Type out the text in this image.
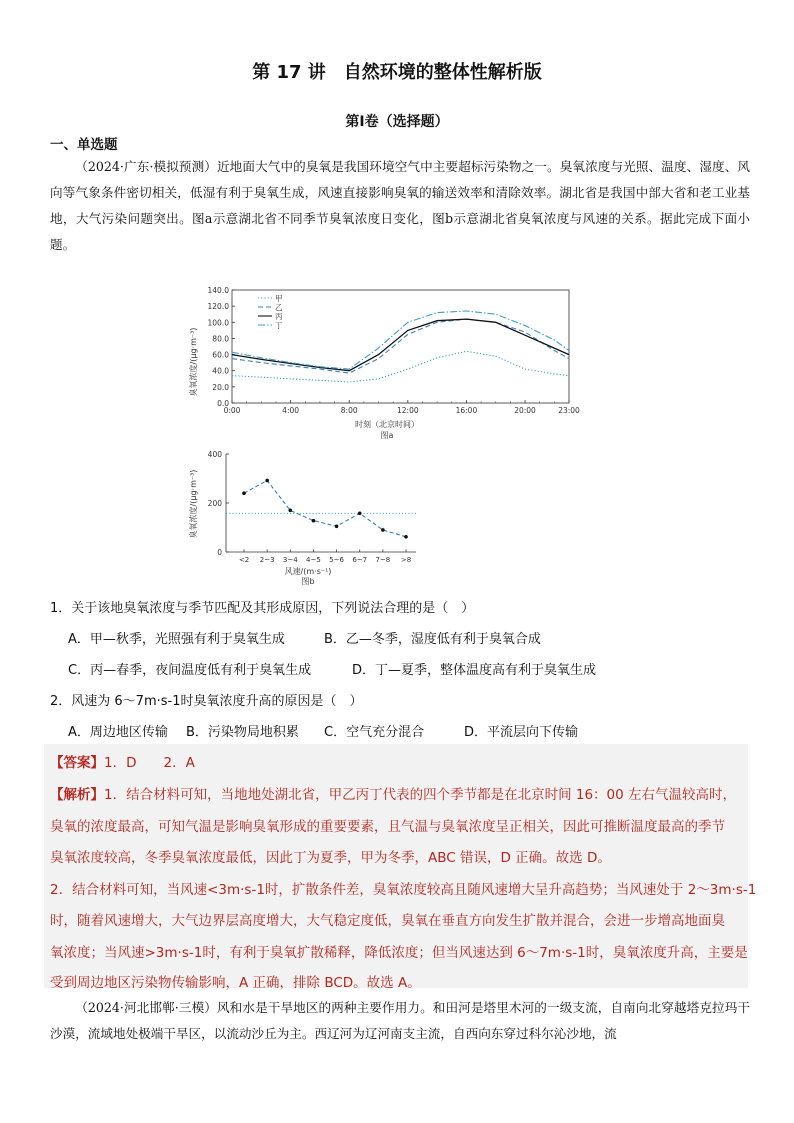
第 17 讲　自然环境的整体性解析版
第Ⅰ卷（选择题）
一、单选题
（2024·广东·模拟预测）近地面大气中的臭氧是我国环境空气中主要超标污染物之一。臭氧浓度与光照、温度、湿度、风向等气象条件密切相关，低湿有利于臭氧生成，风速直接影响臭氧的输送效率和清除效率。湖北省是我国中部大省和老工业基地，大气污染问题突出。图a示意湖北省不同季节臭氧浓度日变化，图b示意湖北省臭氧浓度与风速的关系。据此完成下面小题。
0.0
20.0
40.0
60.0
80.0
100.0
120.0
140.0
0:00	4:00	8:00	12:00	16:00	20:00	23:00
甲
乙
丙
丁
臭氧浓度/(μg·m⁻³)
时刻（北京时间）
图a
0
200
400
<2 2~3 3~4 4~5 5~6 6~7 7~8 >8
臭氧浓度/(μg·m⁻³)
风速/(m·s⁻¹)
图b
1．关于该地臭氧浓度与季节匹配及其形成原因，下列说法合理的是（　）
A．甲—秋季，光照强有利于臭氧生成	B．乙—冬季，湿度低有利于臭氧合成
C．丙—春季，夜间温度低有利于臭氧生成	D．丁—夏季，整体温度高有利于臭氧生成
2．风速为 6～7m·s-1时臭氧浓度升高的原因是（　）
A．周边地区传输 B．污染物局地积累 C．空气充分混合	D．平流层向下传输
【答案】1．D　　2．A
【解析】1．结合材料可知，当地地处湖北省，甲乙丙丁代表的四个季节都是在北京时间 16：00 左右气温较高时，
臭氧的浓度最高，可知气温是影响臭氧形成的重要要素，且气温与臭氧浓度呈正相关，因此可推断温度最高的季节
臭氧浓度较高，冬季臭氧浓度最低，因此丁为夏季，甲为冬季，ABC 错误，D 正确。故选 D。
2．结合材料可知，当风速<3m·s-1时，扩散条件差，臭氧浓度较高且随风速增大呈升高趋势；当风速处于 2～3m·s-1
时，随着风速增大，大气边界层高度增大，大气稳定度低，臭氧在垂直方向发生扩散并混合，会进一步增高地面臭
氧浓度；当风速>3m·s-1时，有利于臭氧扩散稀释，降低浓度；但当风速达到 6～7m·s-1时，臭氧浓度升高，主要是
受到周边地区污染物传输影响，A 正确，排除 BCD。故选 A。
（2024·河北邯郸·三模）风和水是干旱地区的两种主要作用力。和田河是塔里木河的一级支流，自南向北穿越塔克拉玛干沙漠，流域地处极端干旱区，以流动沙丘为主。西辽河为辽河南支主流，自西向东穿过科尔沁沙地，流
